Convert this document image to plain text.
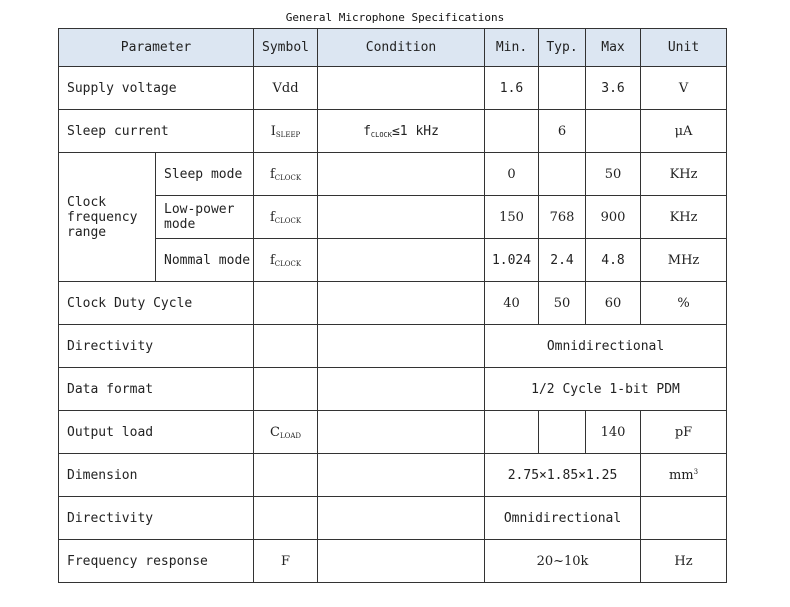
General Microphone Specifications
Parameter		Symbol	Condition	Min.	Typ.	Max	Unit
Supply voltage		Vdd		1.6		3.6	V
Sleep current		$I_{SLEEP}$	$f_{CLOCK}\le 1$ kHz		6		μA
Clock frequency range	Sleep mode	$f_{CLOCK}$		0		50	KHz
	Low-power mode	$f_{CLOCK}$		150	768	900	KHz
	Nommal mode	$f_{CLOCK}$		1.024	2.4	4.8	MHz
Clock Duty Cycle				40	50	60	%
Directivity				Omnidirectional			
Data format				1/2 Cycle 1-bit PDM			
Output load		$C_{LOAD}$				140	pF
Dimension				2.75×1.85×1.25			$mm^3$
Directivity				Omnidirectional			
Frequency response		F		20~10k			Hz
